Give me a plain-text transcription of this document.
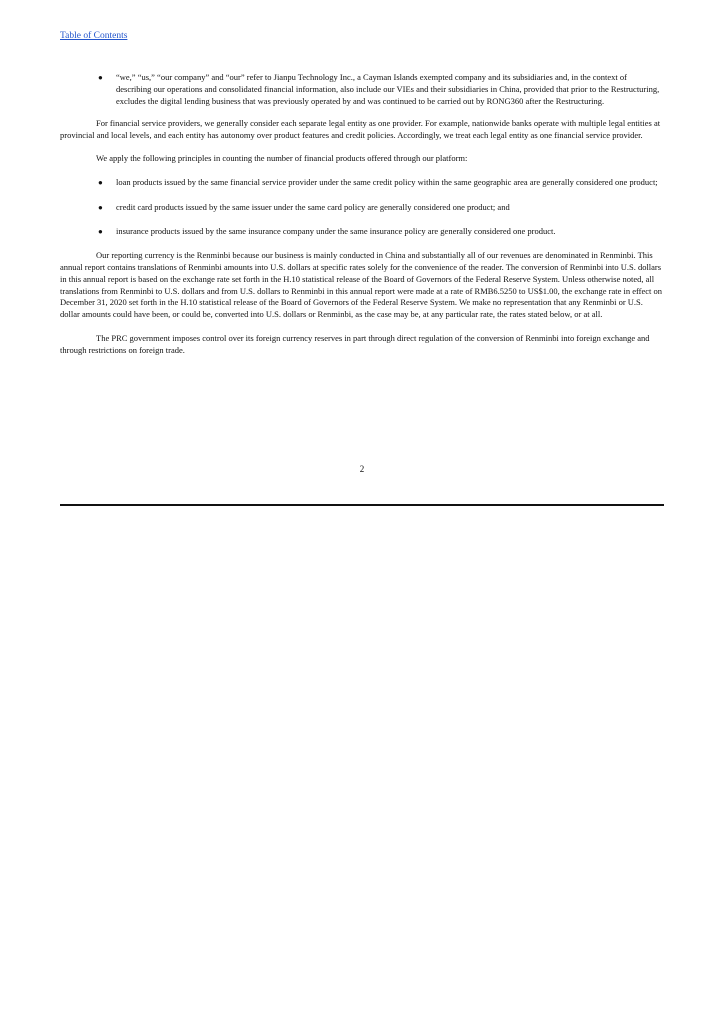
Table of Contents
● “we,” “us,” “our company” and “our” refer to Jianpu Technology Inc., a Cayman Islands exempted company and its subsidiaries and, in the context of describing our operations and consolidated financial information, also include our VIEs and their subsidiaries in China, provided that prior to the Restructuring, excludes the digital lending business that was previously operated by and was continued to be carried out by RONG360 after the Restructuring.

For financial service providers, we generally consider each separate legal entity as one provider. For example, nationwide banks operate with multiple legal entities at provincial and local levels, and each entity has autonomy over product features and credit policies. Accordingly, we treat each legal entity as one financial service provider.

We apply the following principles in counting the number of financial products offered through our platform:

● loan products issued by the same financial service provider under the same credit policy within the same geographic area are generally considered one product;
● credit card products issued by the same issuer under the same card policy are generally considered one product; and
● insurance products issued by the same insurance company under the same insurance policy are generally considered one product.

Our reporting currency is the Renminbi because our business is mainly conducted in China and substantially all of our revenues are denominated in Renminbi. This annual report contains translations of Renminbi amounts into U.S. dollars at specific rates solely for the convenience of the reader. The conversion of Renminbi into U.S. dollars in this annual report is based on the exchange rate set forth in the H.10 statistical release of the Board of Governors of the Federal Reserve System. Unless otherwise noted, all translations from Renminbi to U.S. dollars and from U.S. dollars to Renminbi in this annual report were made at a rate of RMB6.5250 to US$1.00, the exchange rate in effect on December 31, 2020 set forth in the H.10 statistical release of the Board of Governors of the Federal Reserve System. We make no representation that any Renminbi or U.S. dollar amounts could have been, or could be, converted into U.S. dollars or Renminbi, as the case may be, at any particular rate, the rates stated below, or at all.

The PRC government imposes control over its foreign currency reserves in part through direct regulation of the conversion of Renminbi into foreign exchange and through restrictions on foreign trade.

2
